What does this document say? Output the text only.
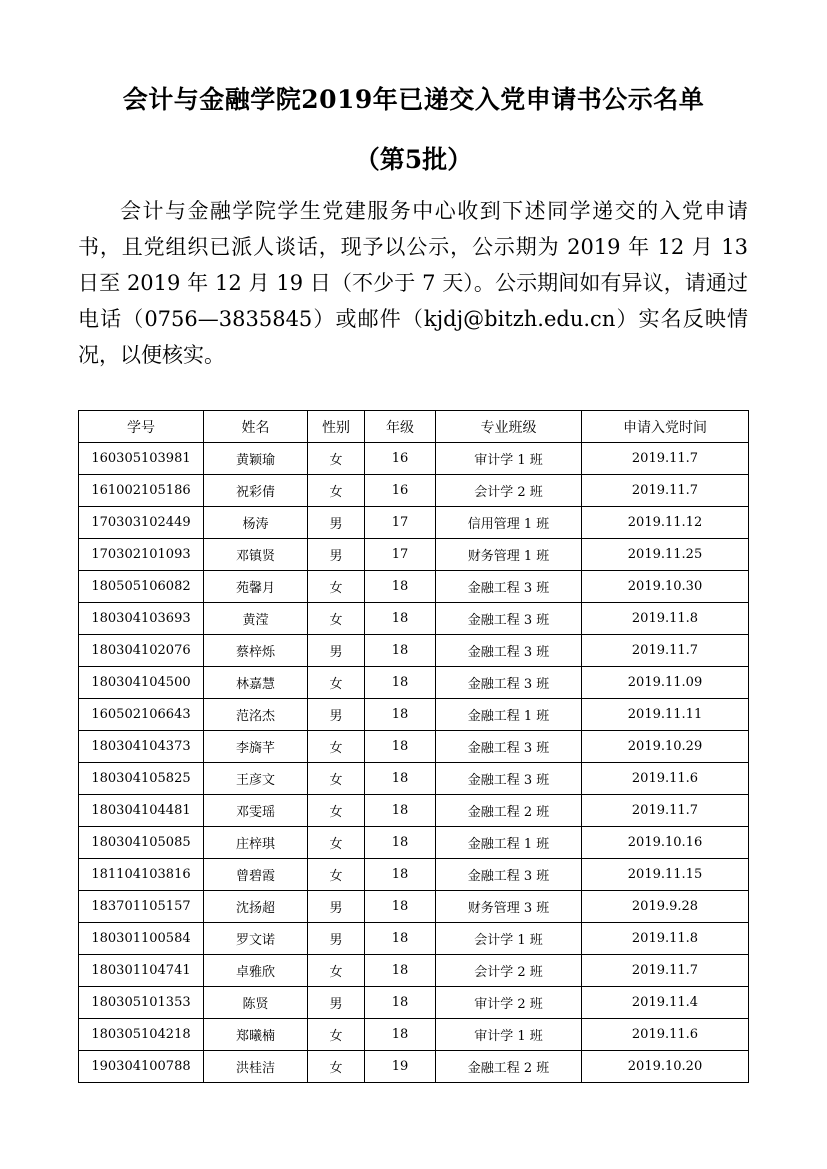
会计与金融学院2019年已递交入党申请书公示名单
（第5批）

会计与金融学院学生党建服务中心收到下述同学递交的入党申请书，且党组织已派人谈话，现予以公示，公示期为 2019 年 12 月 13 日至 2019 年 12 月 19 日（不少于 7 天）。公示期间如有异议，请通过电话（0756—3835845）或邮件（kjdj@bitzh.edu.cn）实名反映情况，以便核实。

学号	姓名	性别	年级	专业班级	申请入党时间
160305103981	黄颖瑜	女	16	审计学 1 班	2019.11.7
161002105186	祝彩倩	女	16	会计学 2 班	2019.11.7
170303102449	杨涛	男	17	信用管理 1 班	2019.11.12
170302101093	邓镇贤	男	17	财务管理 1 班	2019.11.25
180505106082	苑馨月	女	18	金融工程 3 班	2019.10.30
180304103693	黄滢	女	18	金融工程 3 班	2019.11.8
180304102076	蔡梓烁	男	18	金融工程 3 班	2019.11.7
180304104500	林嘉慧	女	18	金融工程 3 班	2019.11.09
160502106643	范洺杰	男	18	金融工程 1 班	2019.11.11
180304104373	李旖芊	女	18	金融工程 3 班	2019.10.29
180304105825	王彦文	女	18	金融工程 3 班	2019.11.6
180304104481	邓雯瑶	女	18	金融工程 2 班	2019.11.7
180304105085	庄梓琪	女	18	金融工程 1 班	2019.10.16
181104103816	曾碧霞	女	18	金融工程 3 班	2019.11.15
183701105157	沈扬超	男	18	财务管理 3 班	2019.9.28
180301100584	罗文诺	男	18	会计学 1 班	2019.11.8
180301104741	卓雅欣	女	18	会计学 2 班	2019.11.7
180305101353	陈贤	男	18	审计学 2 班	2019.11.4
180305104218	郑曦楠	女	18	审计学 1 班	2019.11.6
190304100788	洪桂洁	女	19	金融工程 2 班	2019.10.20
